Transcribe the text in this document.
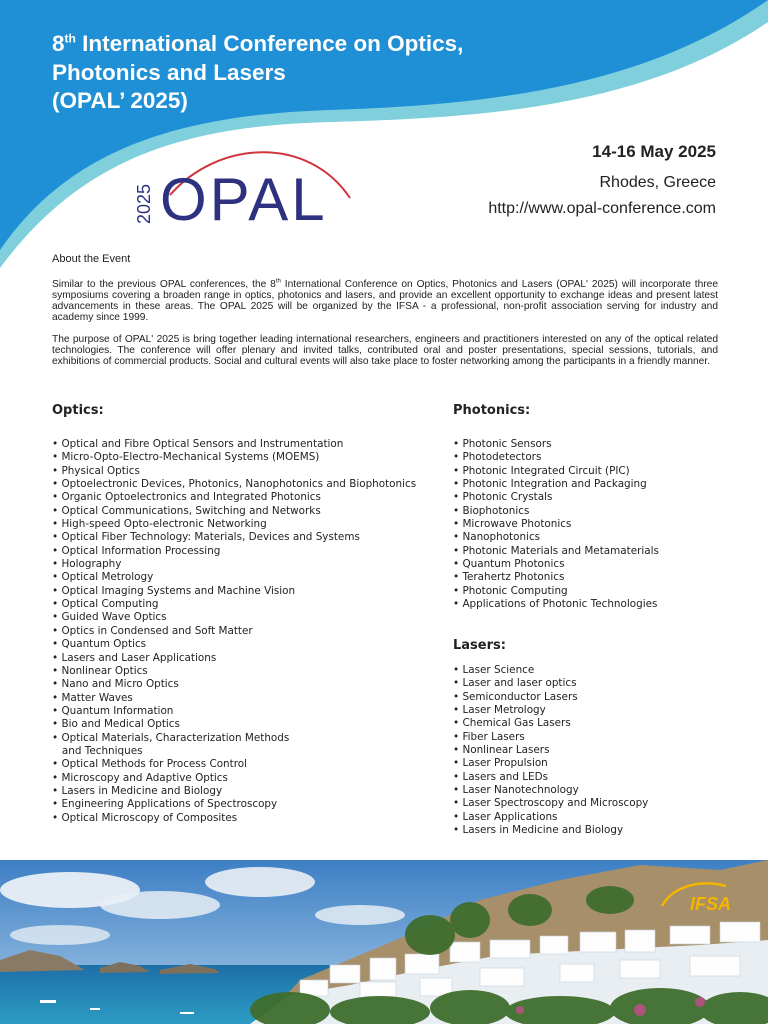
8th International Conference on Optics,
Photonics and Lasers
(OPAL’ 2025)
2025 OPAL
14-16 May 2025
Rhodes, Greece
http://www.opal-conference.com
About the Event

Similar to the previous OPAL conferences, the 8th International Conference on Optics, Photonics and Lasers (OPAL' 2025) will incorporate three symposiums covering a broaden range in optics, photonics and lasers, and provide an excellent opportunity to exchange ideas and present latest advancements in these areas. The OPAL 2025 will be organized by the IFSA - a professional, non-profit association serving for industry and academy since 1999.

The purpose of OPAL' 2025 is bring together leading international researchers, engineers and practitioners interested on any of the optical related technologies. The conference will offer plenary and invited talks, contributed oral and poster presentations, special sessions, tutorials, and exhibitions of commercial products. Social and cultural events will also take place to foster networking among the participants in a friendly manner.

Optics:
• Optical and Fibre Optical Sensors and Instrumentation
• Micro-Opto-Electro-Mechanical Systems (MOEMS)
• Physical Optics
• Optoelectronic Devices, Photonics, Nanophotonics and Biophotonics
• Organic Optoelectronics and Integrated Photonics
• Optical Communications, Switching and Networks
• High-speed Opto-electronic Networking
• Optical Fiber Technology: Materials, Devices and Systems
• Optical Information Processing
• Holography
• Optical Metrology
• Optical Imaging Systems and Machine Vision
• Optical Computing
• Guided Wave Optics
• Optics in Condensed and Soft Matter
• Quantum Optics
• Lasers and Laser Applications
• Nonlinear Optics
• Nano and Micro Optics
• Matter Waves
• Quantum Information
• Bio and Medical Optics
• Optical Materials, Characterization Methods
and Techniques
• Optical Methods for Process Control
• Microscopy and Adaptive Optics
• Lasers in Medicine and Biology
• Engineering Applications of Spectroscopy
• Optical Microscopy of Composites
Photonics:
• Photonic Sensors
• Photodetectors
• Photonic Integrated Circuit (PIC)
• Photonic Integration and Packaging
• Photonic Crystals
• Biophotonics
• Microwave Photonics
• Nanophotonics
• Photonic Materials and Metamaterials
• Quantum Photonics
• Terahertz Photonics
• Photonic Computing
• Applications of Photonic Technologies
Lasers:
• Laser Science
• Laser and laser optics
• Semiconductor Lasers
• Laser Metrology
• Chemical Gas Lasers
• Fiber Lasers
• Nonlinear Lasers
• Laser Propulsion
• Lasers and LEDs
• Laser Nanotechnology
• Laser Spectroscopy and Microscopy
• Laser Applications
• Lasers in Medicine and Biology
IFSA
